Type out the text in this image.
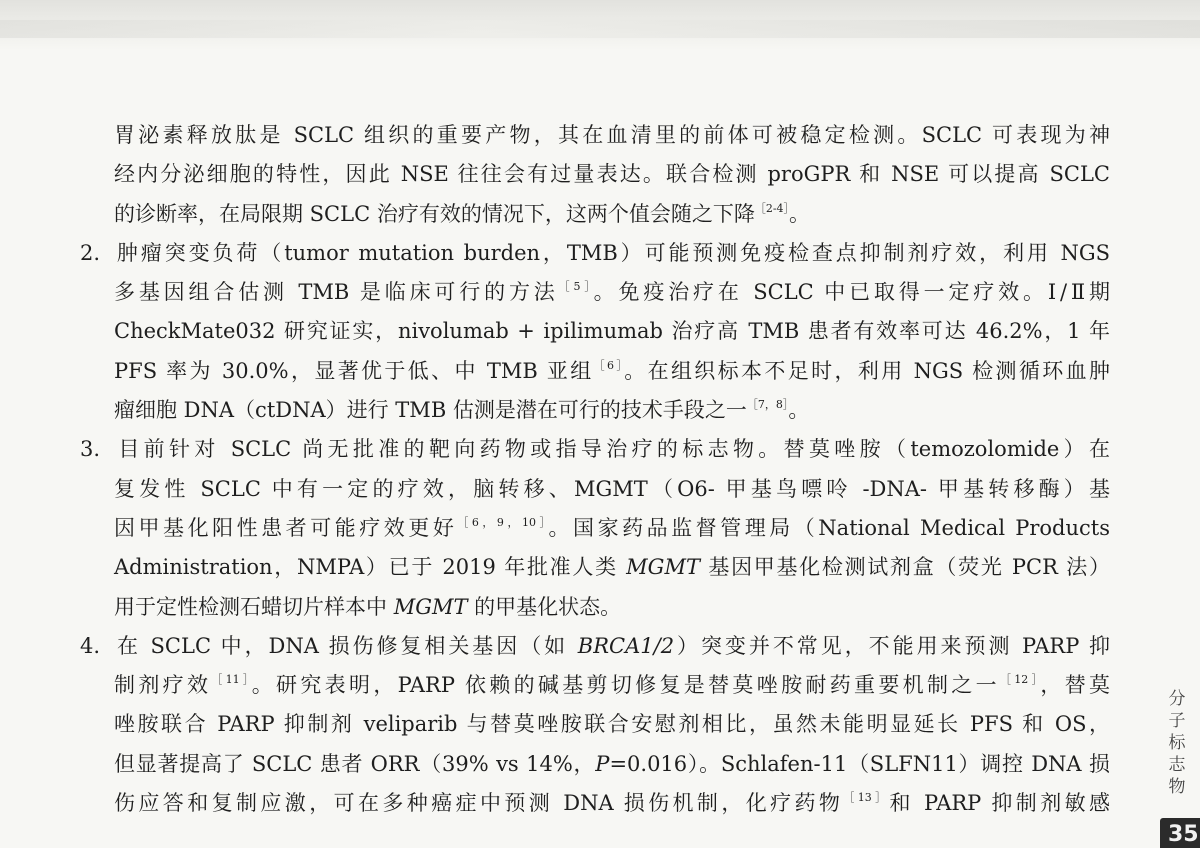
胃泌素释放肽是 SCLC 组织的重要产物，其在血清里的前体可被稳定检测。SCLC 可表现为神
经内分泌细胞的特性，因此 NSE 往往会有过量表达。联合检测 proGPR 和 NSE 可以提高 SCLC
的诊断率，在局限期 SCLC 治疗有效的情况下，这两个值会随之下降$^{[2-4]}$。
2. 肿瘤突变负荷（tumor mutation burden，TMB）可能预测免疫检查点抑制剂疗效，利用 NGS
多基因组合估测 TMB 是临床可行的方法$^{[5]}$。免疫治疗在 SCLC 中已取得一定疗效。Ⅰ/Ⅱ期
CheckMate032 研究证实，nivolumab + ipilimumab 治疗高 TMB 患者有效率可达 46.2%，1 年
PFS 率为 30.0%，显著优于低、中 TMB 亚组$^{[6]}$。在组织标本不足时，利用 NGS 检测循环血肿
瘤细胞 DNA（ctDNA）进行 TMB 估测是潜在可行的技术手段之一$^{[7,8]}$。
3. 目前针对 SCLC 尚无批准的靶向药物或指导治疗的标志物。替莫唑胺（temozolomide）在
复发性 SCLC 中有一定的疗效，脑转移、MGMT（O6- 甲基鸟嘌呤 -DNA- 甲基转移酶）基
因甲基化阳性患者可能疗效更好$^{[6,9,10]}$。国家药品监督管理局（National Medical Products
Administration，NMPA）已于 2019 年批准人类 MGMT 基因甲基化检测试剂盒（荧光 PCR 法）
用于定性检测石蜡切片样本中 MGMT 的甲基化状态。
4. 在 SCLC 中，DNA 损伤修复相关基因（如 BRCA1/2）突变并不常见，不能用来预测 PARP 抑
制剂疗效$^{[11]}$。研究表明，PARP 依赖的碱基剪切修复是替莫唑胺耐药重要机制之一$^{[12]}$，替莫
唑胺联合 PARP 抑制剂 veliparib 与替莫唑胺联合安慰剂相比，虽然未能明显延长 PFS 和 OS，
但显著提高了 SCLC 患者 ORR（39% vs 14%，P=0.016）。Schlafen-11（SLFN11）调控 DNA 损
伤应答和复制应激，可在多种癌症中预测 DNA 损伤机制，化疗药物$^{[13]}$和 PARP 抑制剂敏感
分
子
标
志
物
35
